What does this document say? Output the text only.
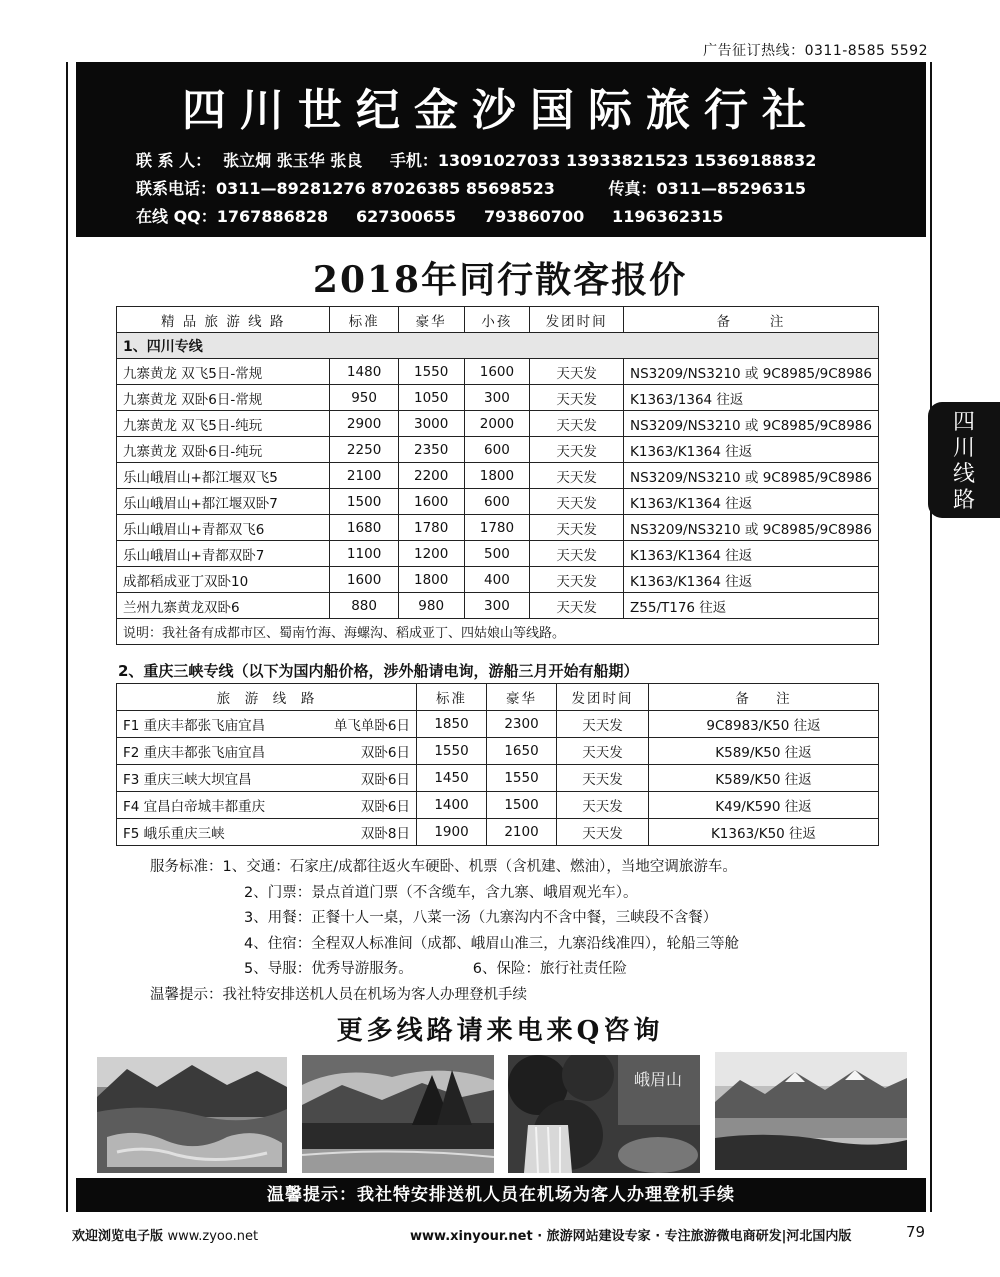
广告征订热线：0311-8585 5592
四川世纪金沙国际旅行社
联 系 人： 张立炯 张玉华 张良 手机：13091027033 13933821523 15369188832
联系电话：0311—89281276 87026385 85698523	传真：0311—85296315
在线 QQ：1767886828     627300655     793860700     1196362315
2018年同行散客报价
精 品 旅 游 线 路	标准	豪华	小孩	发团时间	备      注
1、四川专线					
九寨黄龙 双飞5日-常规	1480	1550	1600	天天发	NS3209/NS3210 或 9C8985/9C8986
九寨黄龙 双卧6日-常规	950	1050	300	天天发	K1363/1364 往返
九寨黄龙 双飞5日-纯玩	2900	3000	2000	天天发	NS3209/NS3210 或 9C8985/9C8986
九寨黄龙 双卧6日-纯玩	2250	2350	600	天天发	K1363/K1364 往返
乐山峨眉山+都江堰双飞5	2100	2200	1800	天天发	NS3209/NS3210 或 9C8985/9C8986
乐山峨眉山+都江堰双卧7	1500	1600	600	天天发	K1363/K1364 往返
乐山峨眉山+青都双飞6	1680	1780	1780	天天发	NS3209/NS3210 或 9C8985/9C8986
乐山峨眉山+青都双卧7	1100	1200	500	天天发	K1363/K1364 往返
成都稻成亚丁双卧10	1600	1800	400	天天发	K1363/K1364 往返
兰州九寨黄龙双卧6	880	980	300	天天发	Z55/T176 往返
说明：我社备有成都市区、蜀南竹海、海螺沟、稻成亚丁、四姑娘山等线路。					
2、重庆三峡专线（以下为国内船价格，涉外船请电询，游船三月开始有船期）
旅  游  线  路	标准	豪华	发团时间	备    注

F1 重庆丰都张飞庙宜昌 单飞单卧6日	1850	2300	天天发	9C8983/K50 往返

F2 重庆丰都张飞庙宜昌 双卧6日	1550	1650	天天发	K589/K50 往返

F3 重庆三峡大坝宜昌 双卧6日	1450	1550	天天发	K589/K50 往返

F4 宜昌白帝城丰都重庆 双卧6日	1400	1500	天天发	K49/K590 往返

F5 峨乐重庆三峡 双卧8日	1900	2100	天天发	K1363/K50 往返
四
川
线
路
服务标准：1、交通：石家庄/成都往返火车硬卧、机票（含机建、燃油），当地空调旅游车。
2、门票：景点首道门票（不含缆车，含九寨、峨眉观光车）。
3、用餐：正餐十人一桌，八菜一汤（九寨沟内不含中餐，三峡段不含餐）
4、住宿：全程双人标准间（成都、峨眉山准三，九寨沿线准四），轮船三等舱
5、导服：优秀导游服务。	6、保险：旅行社责任险
温馨提示：我社特安排送机人员在机场为客人办理登机手续
更多线路请来电来Q咨询
峨眉山
温馨提示：我社特安排送机人员在机场为客人办理登机手续
欢迎浏览电子版 www.zyoo.net	www.xinyour.net · 旅游网站建设专家 · 专注旅游微电商研发|河北国内版	79
